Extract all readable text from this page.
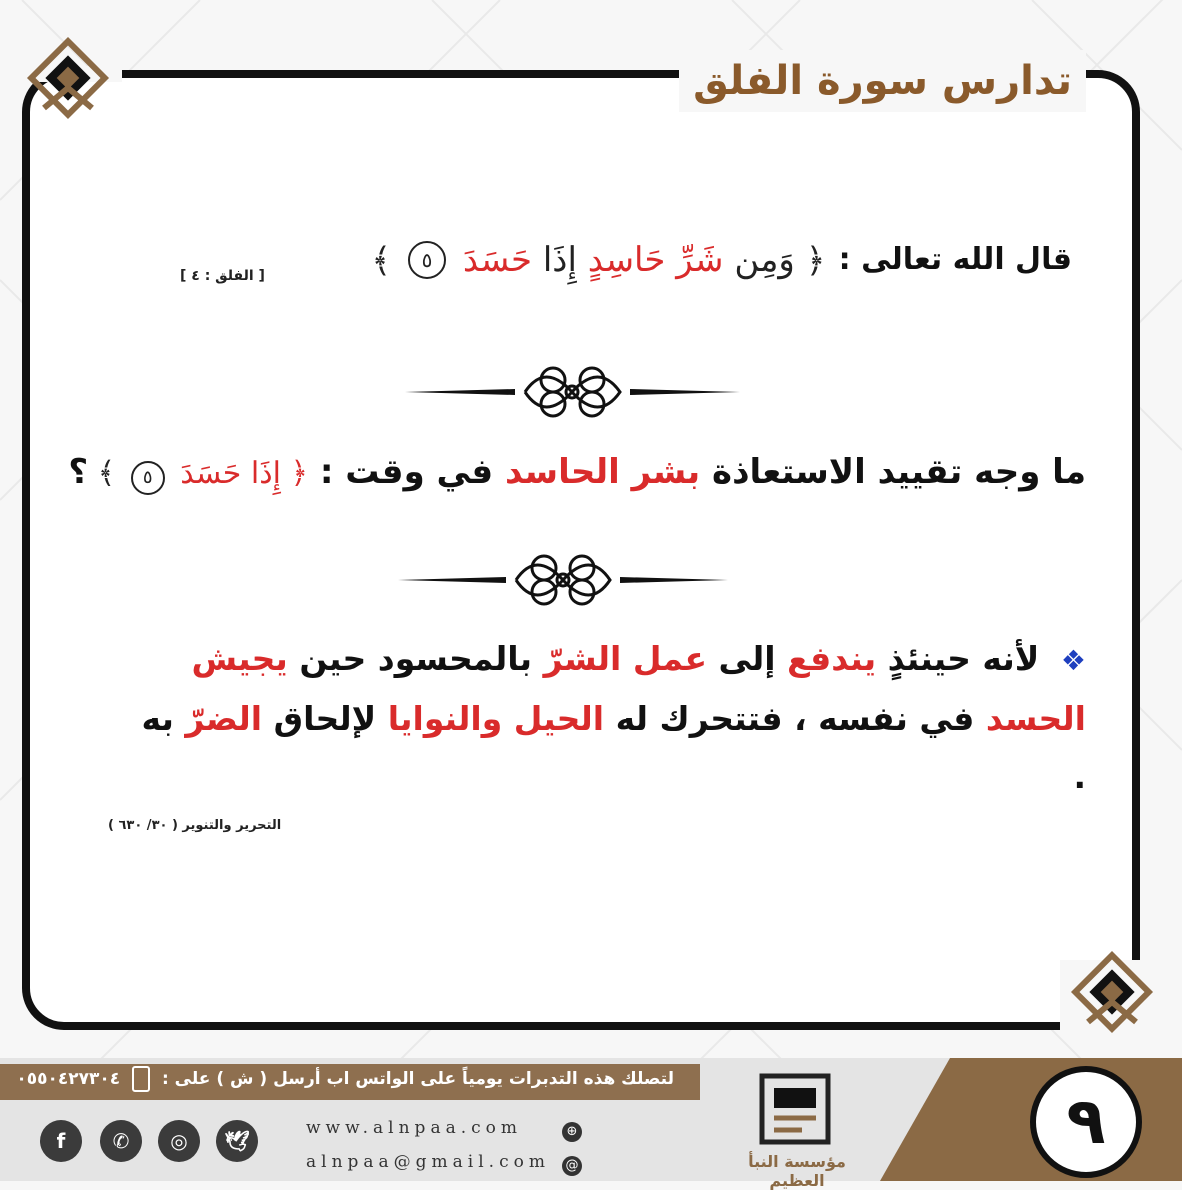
تدارس سورة الفلق
قال الله تعالى : ﴿ وَمِن شَرِّ حَاسِدٍ إِذَا حَسَدَ ٥ ﴾
[ الفلق : ٤ ]
ما وجه تقييد الاستعاذة بشر الحاسد في وقت : ﴿ إِذَا حَسَدَ ٥ ﴾ ؟
❖ لأنه حينئذٍ يندفع إلى عمل الشرّ بالمحسود حين يجيش الحسد في نفسه ، فتتحرك له الحيل والنوايا لإلحاق الضرّ به .
التحرير والتنوير ( ٣٠/ ٦٣٠ )
لتصلك هذه التدبرات يومياً على الواتس اب أرسل ( ش ) على :  ٠٥٥٠٤٢٧٣٠٤
f	✆	◎	🕊
www.alnpaa.com	⊕
alnpaa@gmail.com @	مؤسسة النبأ العظيم
٩
